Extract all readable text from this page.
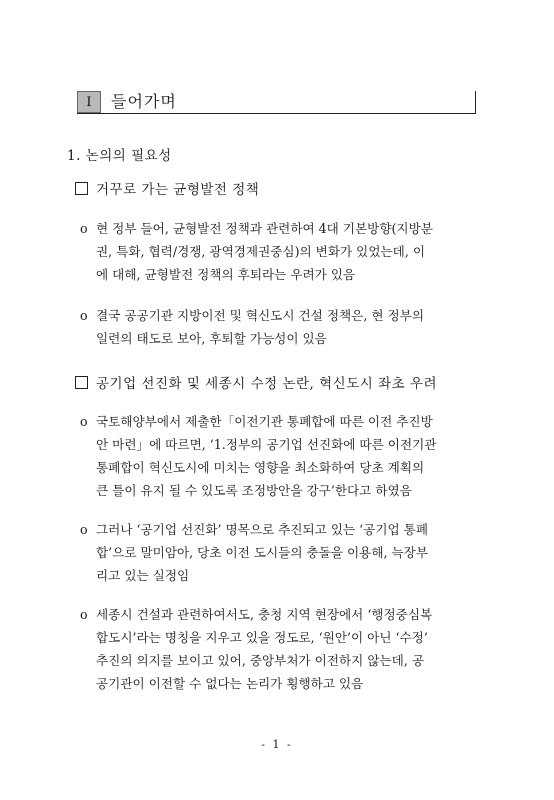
Ⅰ	들어가며
1. 논의의 필요성
거꾸로 가는 균형발전 정책
o 현 정부 들어, 균형발전 정책과 관련하여 4대 기본방향(지방분
권, 특화, 협력/경쟁, 광역경제권중심)의 변화가 있었는데, 이
에 대해, 균형발전 정책의 후퇴라는 우려가 있음
o 결국 공공기관 지방이전 및 혁신도시 건설 정책은, 현 정부의
일련의 태도로 보아, 후퇴할 가능성이 있음
공기업 선진화 및 세종시 수정 논란, 혁신도시 좌초 우려
o 국토해양부에서 제출한「이전기관 통폐합에 따른 이전 추진방
안 마련」에 따르면, ‘1.정부의 공기업 선진화에 따른 이전기관
통폐합이 혁신도시에 미치는 영향을 최소화하여 당초 계획의
큰 틀이 유지 될 수 있도록 조정방안을 강구’한다고 하였음
o 그러나 ‘공기업 선진화’ 명목으로 추진되고 있는 ‘공기업 통폐
합’으로 말미암아, 당초 이전 도시들의 충돌을 이용해, 늑장부
리고 있는 실정임
o 세종시 건설과 관련하여서도, 충청 지역 현장에서 ‘행정중심복
합도시’라는 명칭을 지우고 있을 정도로, ‘원안’이 아닌 ‘수정’
추진의 의지를 보이고 있어, 중앙부처가 이전하지 않는데, 공
공기관이 이전할 수 없다는 논리가 횡행하고 있음
- 1 -
